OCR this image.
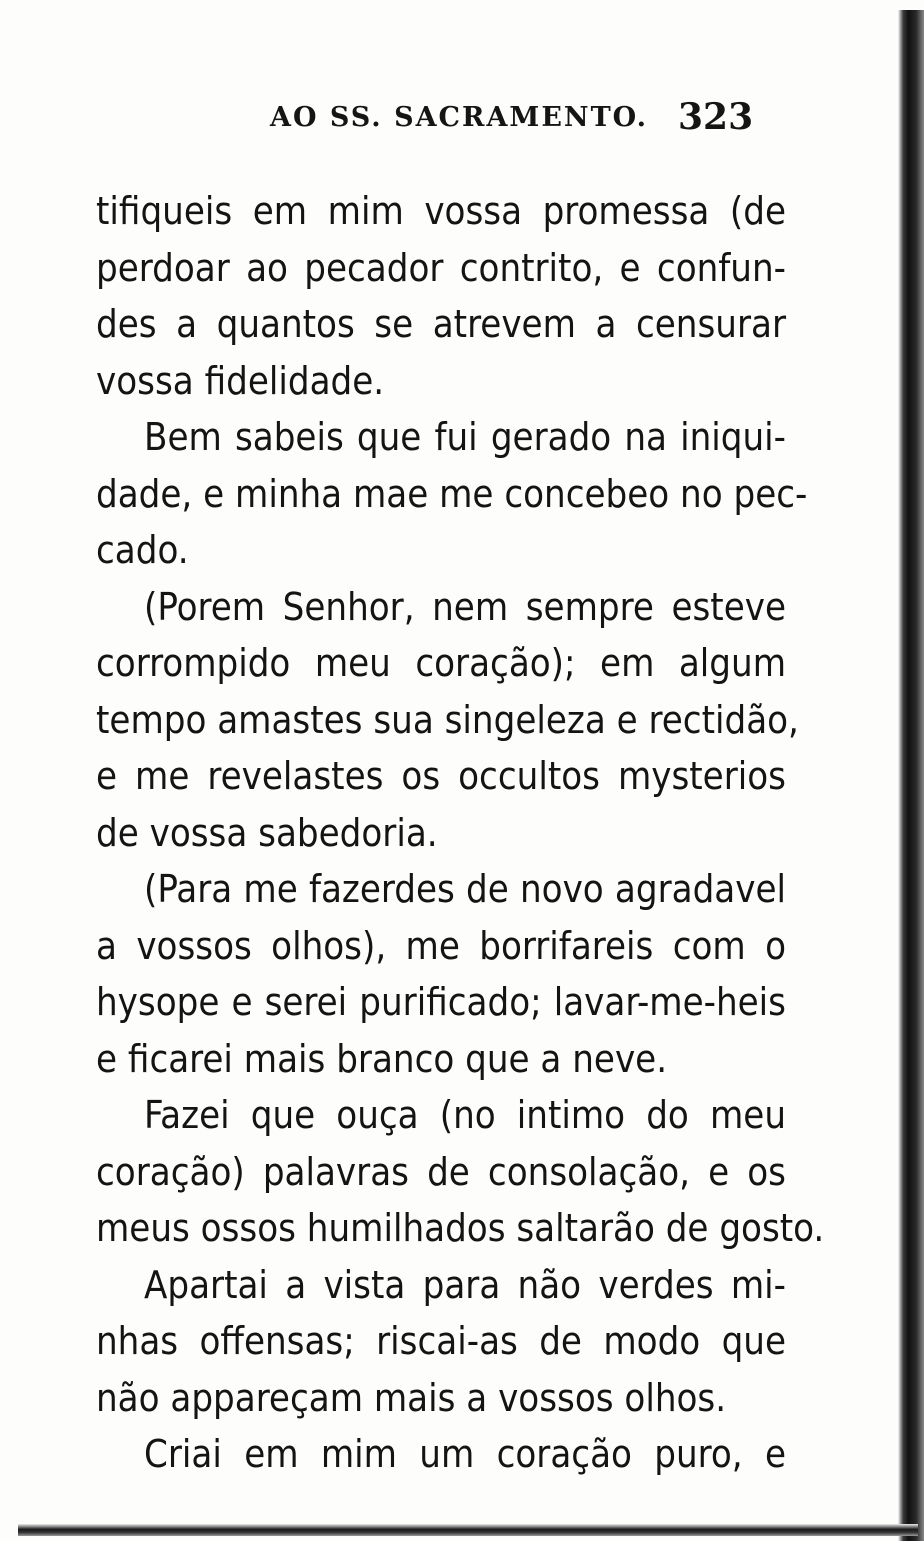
AO SS. SACRAMENTO. 323
tifiqueis em mim vossa promessa (de
perdoar ao pecador contrito, e confun-
des a quantos se atrevem a censurar
vossa fidelidade.
Bem sabeis que fui gerado na iniqui-
dade, e minha mae me concebeo no pec-
cado.
(Porem Senhor, nem sempre esteve
corrompido meu coração); em algum
tempo amastes sua singeleza e rectidão,
e me revelastes os occultos mysterios
de vossa sabedoria.
(Para me fazerdes de novo agradavel
a vossos olhos), me borrifareis com o
hysope e serei purificado; lavar-me-heis
e ficarei mais branco que a neve.
Fazei que ouça (no intimo do meu
coração) palavras de consolação, e os
meus ossos humilhados saltarão de gosto.
Apartai a vista para não verdes mi-
nhas offensas; riscai-as de modo que
não appareçam mais a vossos olhos.
Criai em mim um coração puro, e
